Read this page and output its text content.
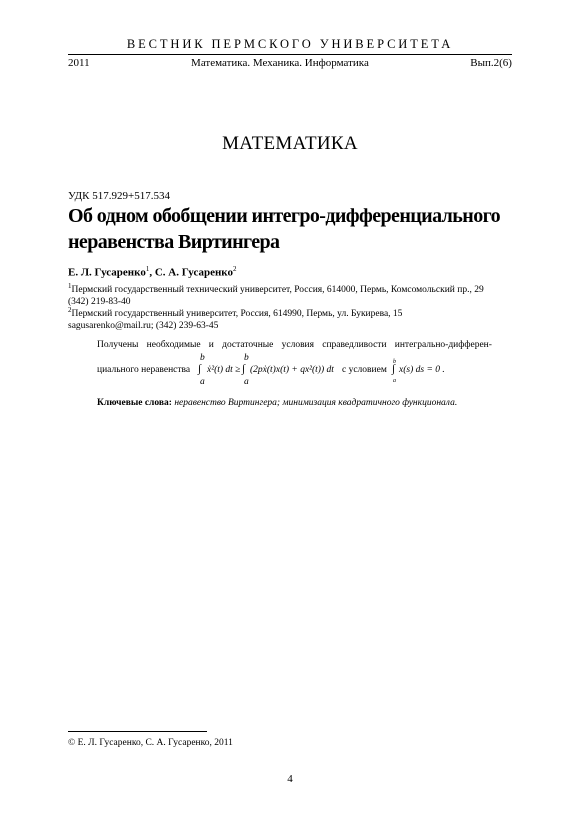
ВЕСТНИК ПЕРМСКОГО УНИВЕРСИТЕТА
2011	Математика. Механика. Информатика	Вып.2(6)
МАТЕМАТИКА
УДК 517.929+517.534
Об одном обобщении интегро-дифференциального
неравенства Виртингера
Е. Л. Гусаренко$^1$, С. А. Гусаренко$^2$
$^1$Пермский государственный технический университет, Россия, 614000, Пермь, Комсомольский пр., 29
(342) 219-83-40
$^2$Пермский государственный университет, Россия, 614990, Пермь, ул. Букирева, 15
sagusarenko@mail.ru; (342) 239-63-45
Получены необходимые и достаточные условия справедливости интегрально-дифферен-
циального неравенства
b
∫
a
ẋ²(t) dt ≥
b
∫
a
(2pẋ(t)x(t) + qx²(t)) dt с условием
b
∫
a
x(s) ds = 0 .
Ключевые слова: неравенство Виртингера; минимизация квадратичного функционала.
© Е. Л. Гусаренко, С. А. Гусаренко, 2011
4
